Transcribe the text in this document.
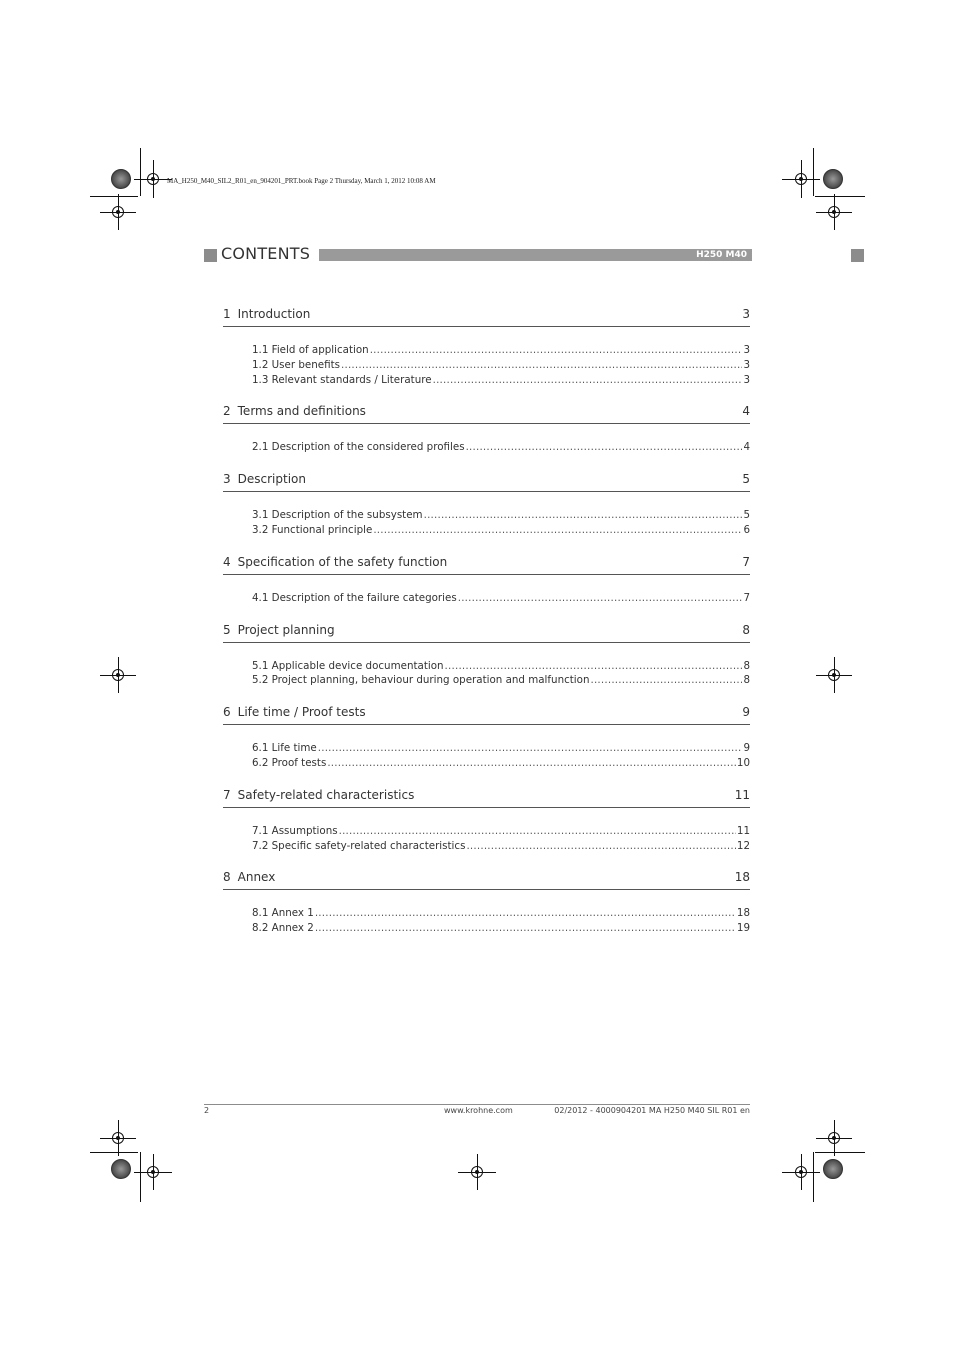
MA_H250_M40_SIL2_R01_en_904201_PRT.book Page 2 Thursday, March 1, 2012 10:08 AM
CONTENTS	H250 M40
1 Introduction	3
1.1 Field of application .....	3
1.2 User benefits .....	3
1.3 Relevant standards / Literature .....	3
2 Terms and definitions	4
2.1 Description of the considered profiles .....	4
3 Description	5
3.1 Description of the subsystem .....	5
3.2 Functional principle .....	6
4 Specification of the safety function	7
4.1 Description of the failure categories .....	7
5 Project planning	8
5.1 Applicable device documentation .....	8
5.2 Project planning, behaviour during operation and malfunction .....	8
6 Life time / Proof tests	9
6.1 Life time .....	9
6.2 Proof tests .....	10
7 Safety-related characteristics	11
7.1 Assumptions .....	11
7.2 Specific safety-related characteristics .....	12
8 Annex	18
8.1 Annex 1 .....	18
8.2 Annex 2 .....	19
2	www.krohne.com	02/2012 - 4000904201 MA H250 M40 SIL R01 en
